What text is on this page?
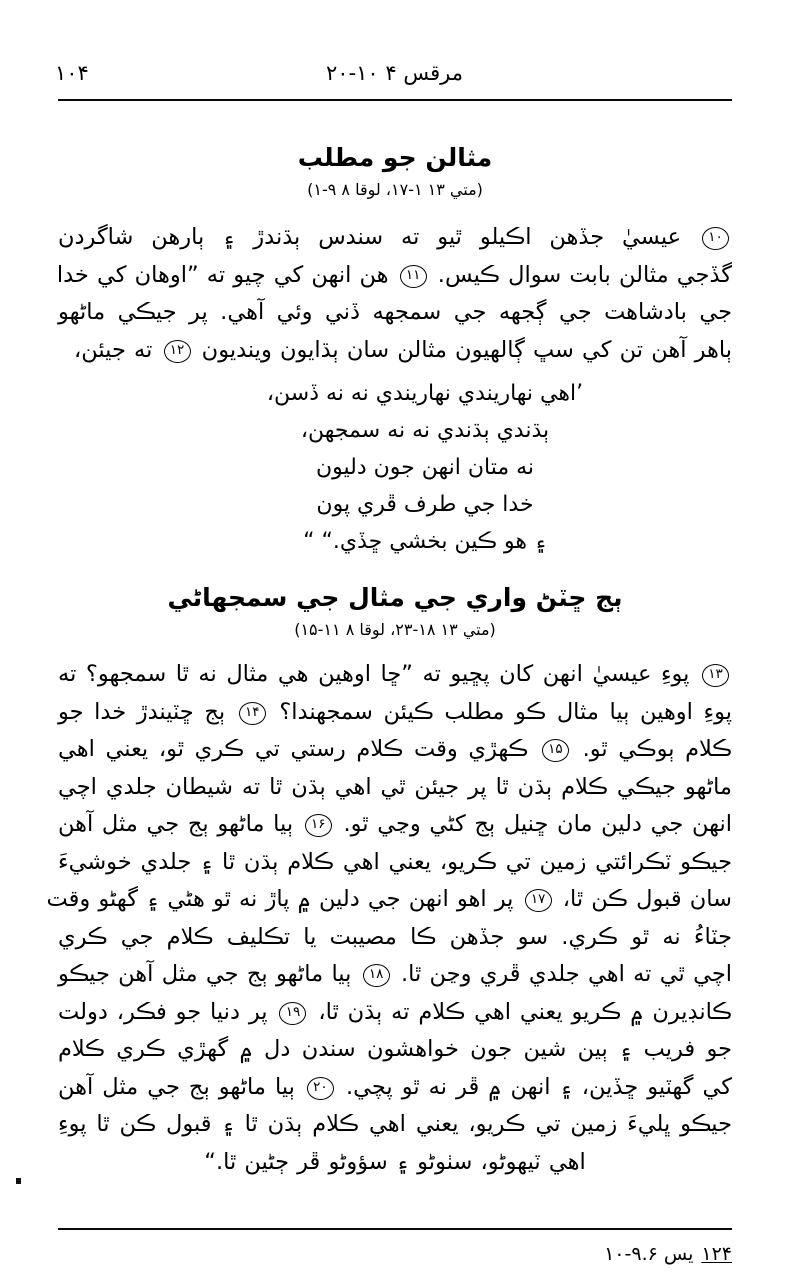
مرقس ۴ ۱۰-۲۰
۱۰۴
مثالن جو مطلب
(متي ۱۳ ۱-۱۷، لوقا ۸ ۹-۱)
۱۰ عيسيٰ جڏهن اڪيلو ٿيو ته سندس ٻڌندڙ ۽ ٻارهن شاگردن
گڏجي مثالن بابت سوال ڪيس. ۱۱ هن انهن کي چيو ته ”اوهان کي خدا
جي بادشاهت جي ڳجهه جي سمجهه ڏني وئي آهي. پر جيڪي ماڻهو
ٻاهر آهن تن کي سڀ ڳالهيون مثالن سان ٻڌايون وينديون ۱۲ ته جيئن،
’اهي نهاريندي نهاريندي نه نه ڏسن،
ٻڌندي ٻڌندي نه نه سمجهن،
نه متان انهن جون دليون
خدا جي طرف ڦري پون
۽ هو ڪين بخشي ڇڏي.“ “
ٻج ڇٽڻ واري جي مثال جي سمجهاڻي
(متي ۱۳ ۱۸-۲۳، لوقا ۸ ۱۱-۱۵)
۱۳ پوءِ عيسيٰ انهن کان پڇيو ته ”ڇا اوهين هي مثال نه ٿا سمجهو؟ ته
پوءِ اوهين ٻيا مثال ڪو مطلب ڪيئن سمجهندا؟ ۱۴ ٻج ڇٽيندڙ خدا جو
ڪلام ٻوڪي ٿو. ۱۵ ڪهڙي وقت ڪلام رستي تي ڪري ٿو، يعني اهي
ماڻهو جيڪي ڪلام ٻڌن ٿا پر جيئن ٿي اهي ٻڌن ٿا ته شيطان جلدي اچي
انهن جي دلين مان ڇنيل ٻج کڻي وڃي ٿو. ۱۶ ٻيا ماڻهو ٻج جي مثل آهن
جيڪو ٽڪرائتي زمين تي ڪريو، يعني اهي ڪلام ٻڌن ٿا ۽ جلدي خوشيءَ
سان قبول ڪن ٿا، ۱۷ پر اهو انهن جي دلين ۾ پاڙ نه ٿو هڻي ۽ گهڻو وقت
جٽاءُ نه ٿو ڪري. سو جڏهن ڪا مصيبت يا تڪليف ڪلام جي ڪري
اچي ٿي ته اهي جلدي ڦري وڃن ٿا. ۱۸ ٻيا ماڻهو ٻج جي مثل آهن جيڪو
ڪانڊيرن ۾ ڪريو يعني اهي ڪلام ته ٻڌن ٿا، ۱۹ پر دنيا جو فڪر، دولت
جو فريب ۽ ٻين شين جون خواهشون سندن دل ۾ گهڙي ڪري ڪلام
کي گهٽيو ڇڏين، ۽ انهن ۾ ڦر نه ٿو پچي. ۲۰ ٻيا ماڻهو ٻج جي مثل آهن
جيڪو ڀليءَ زمين تي ڪريو، يعني اهي ڪلام ٻڌن ٿا ۽ قبول ڪن ٿا پوءِ
اهي ٽيهوڻو، سٺوڻو ۽ سؤوڻو ڦر ڄڻين ٿا.“
۱۲۴يس ۹.۶-۱۰
